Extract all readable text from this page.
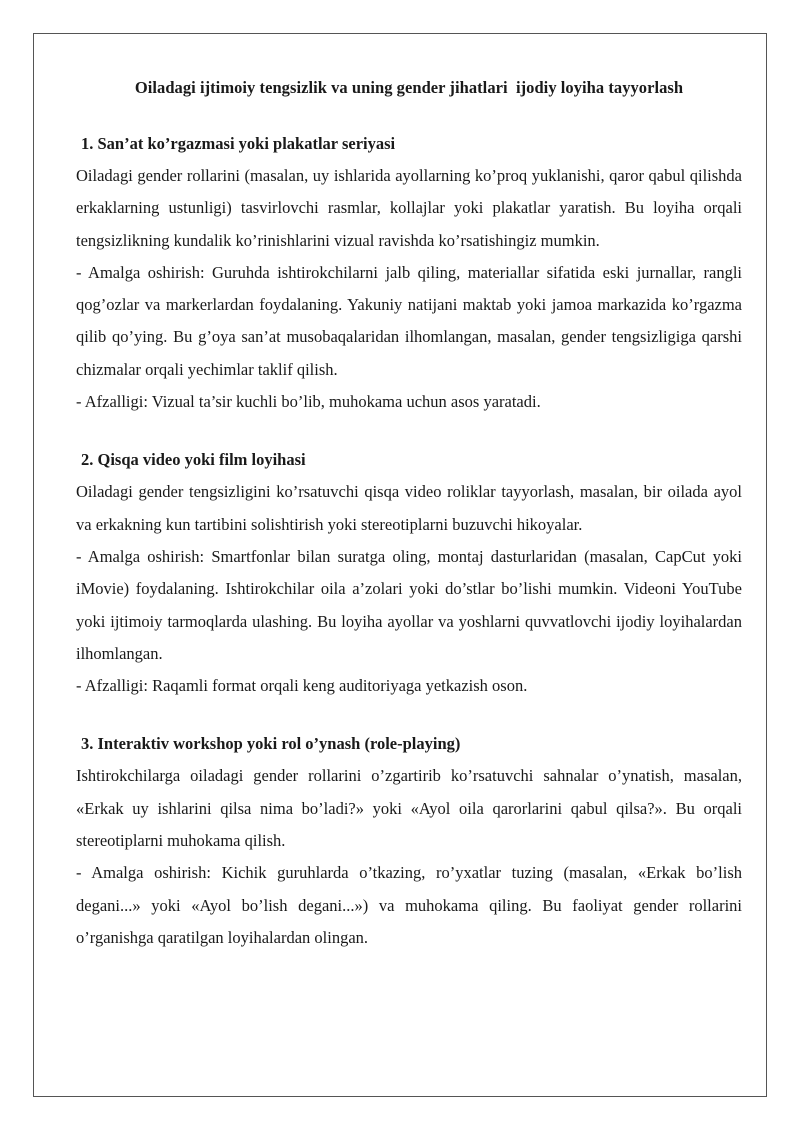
Oiladagi ijtimoiy tengsizlik va uning gender jihatlari  ijodiy loyiha tayyorlash
1. San’at ko’rgazmasi yoki plakatlar seriyasi

Oiladagi gender rollarini (masalan, uy ishlarida ayollarning ko’proq yuklanishi, qaror qabul qilishda erkaklarning ustunligi) tasvirlovchi rasmlar, kollajlar yoki plakatlar yaratish. Bu loyiha orqali tengsizlikning kundalik ko’rinishlarini vizual ravishda ko’rsatishingiz mumkin.

- Amalga oshirish: Guruhda ishtirokchilarni jalb qiling, materiallar sifatida eski jurnallar, rangli qog’ozlar va markerlardan foydalaning. Yakuniy natijani maktab yoki jamoa markazida ko’rgazma qilib qo’ying. Bu g’oya san’at musobaqalaridan ilhomlangan, masalan, gender tengsizligiga qarshi chizmalar orqali yechimlar taklif qilish.

- Afzalligi: Vizual ta’sir kuchli bo’lib, muhokama uchun asos yaratadi.

2. Qisqa video yoki film loyihasi

Oiladagi gender tengsizligini ko’rsatuvchi qisqa video roliklar tayyorlash, masalan, bir oilada ayol va erkakning kun tartibini solishtirish yoki stereotiplarni buzuvchi hikoyalar.

- Amalga oshirish: Smartfonlar bilan suratga oling, montaj dasturlaridan (masalan, CapCut yoki iMovie) foydalaning. Ishtirokchilar oila a’zolari yoki do’stlar bo’lishi mumkin. Videoni YouTube yoki ijtimoiy tarmoqlarda ulashing. Bu loyiha ayollar va yoshlarni quvvatlovchi ijodiy loyihalardan ilhomlangan.

- Afzalligi: Raqamli format orqali keng auditoriyaga yetkazish oson.

3. Interaktiv workshop yoki rol o’ynash (role-playing)

Ishtirokchilarga oiladagi gender rollarini o’zgartirib ko’rsatuvchi sahnalar o’ynatish, masalan, «Erkak uy ishlarini qilsa nima bo’ladi?» yoki «Ayol oila qarorlarini qabul qilsa?». Bu orqali stereotiplarni muhokama qilish.

- Amalga oshirish: Kichik guruhlarda o’tkazing, ro’yxatlar tuzing (masalan, «Erkak bo’lish degani...» yoki «Ayol bo’lish degani...») va muhokama qiling. Bu faoliyat gender rollarini o’rganishga qaratilgan loyihalardan olingan.
